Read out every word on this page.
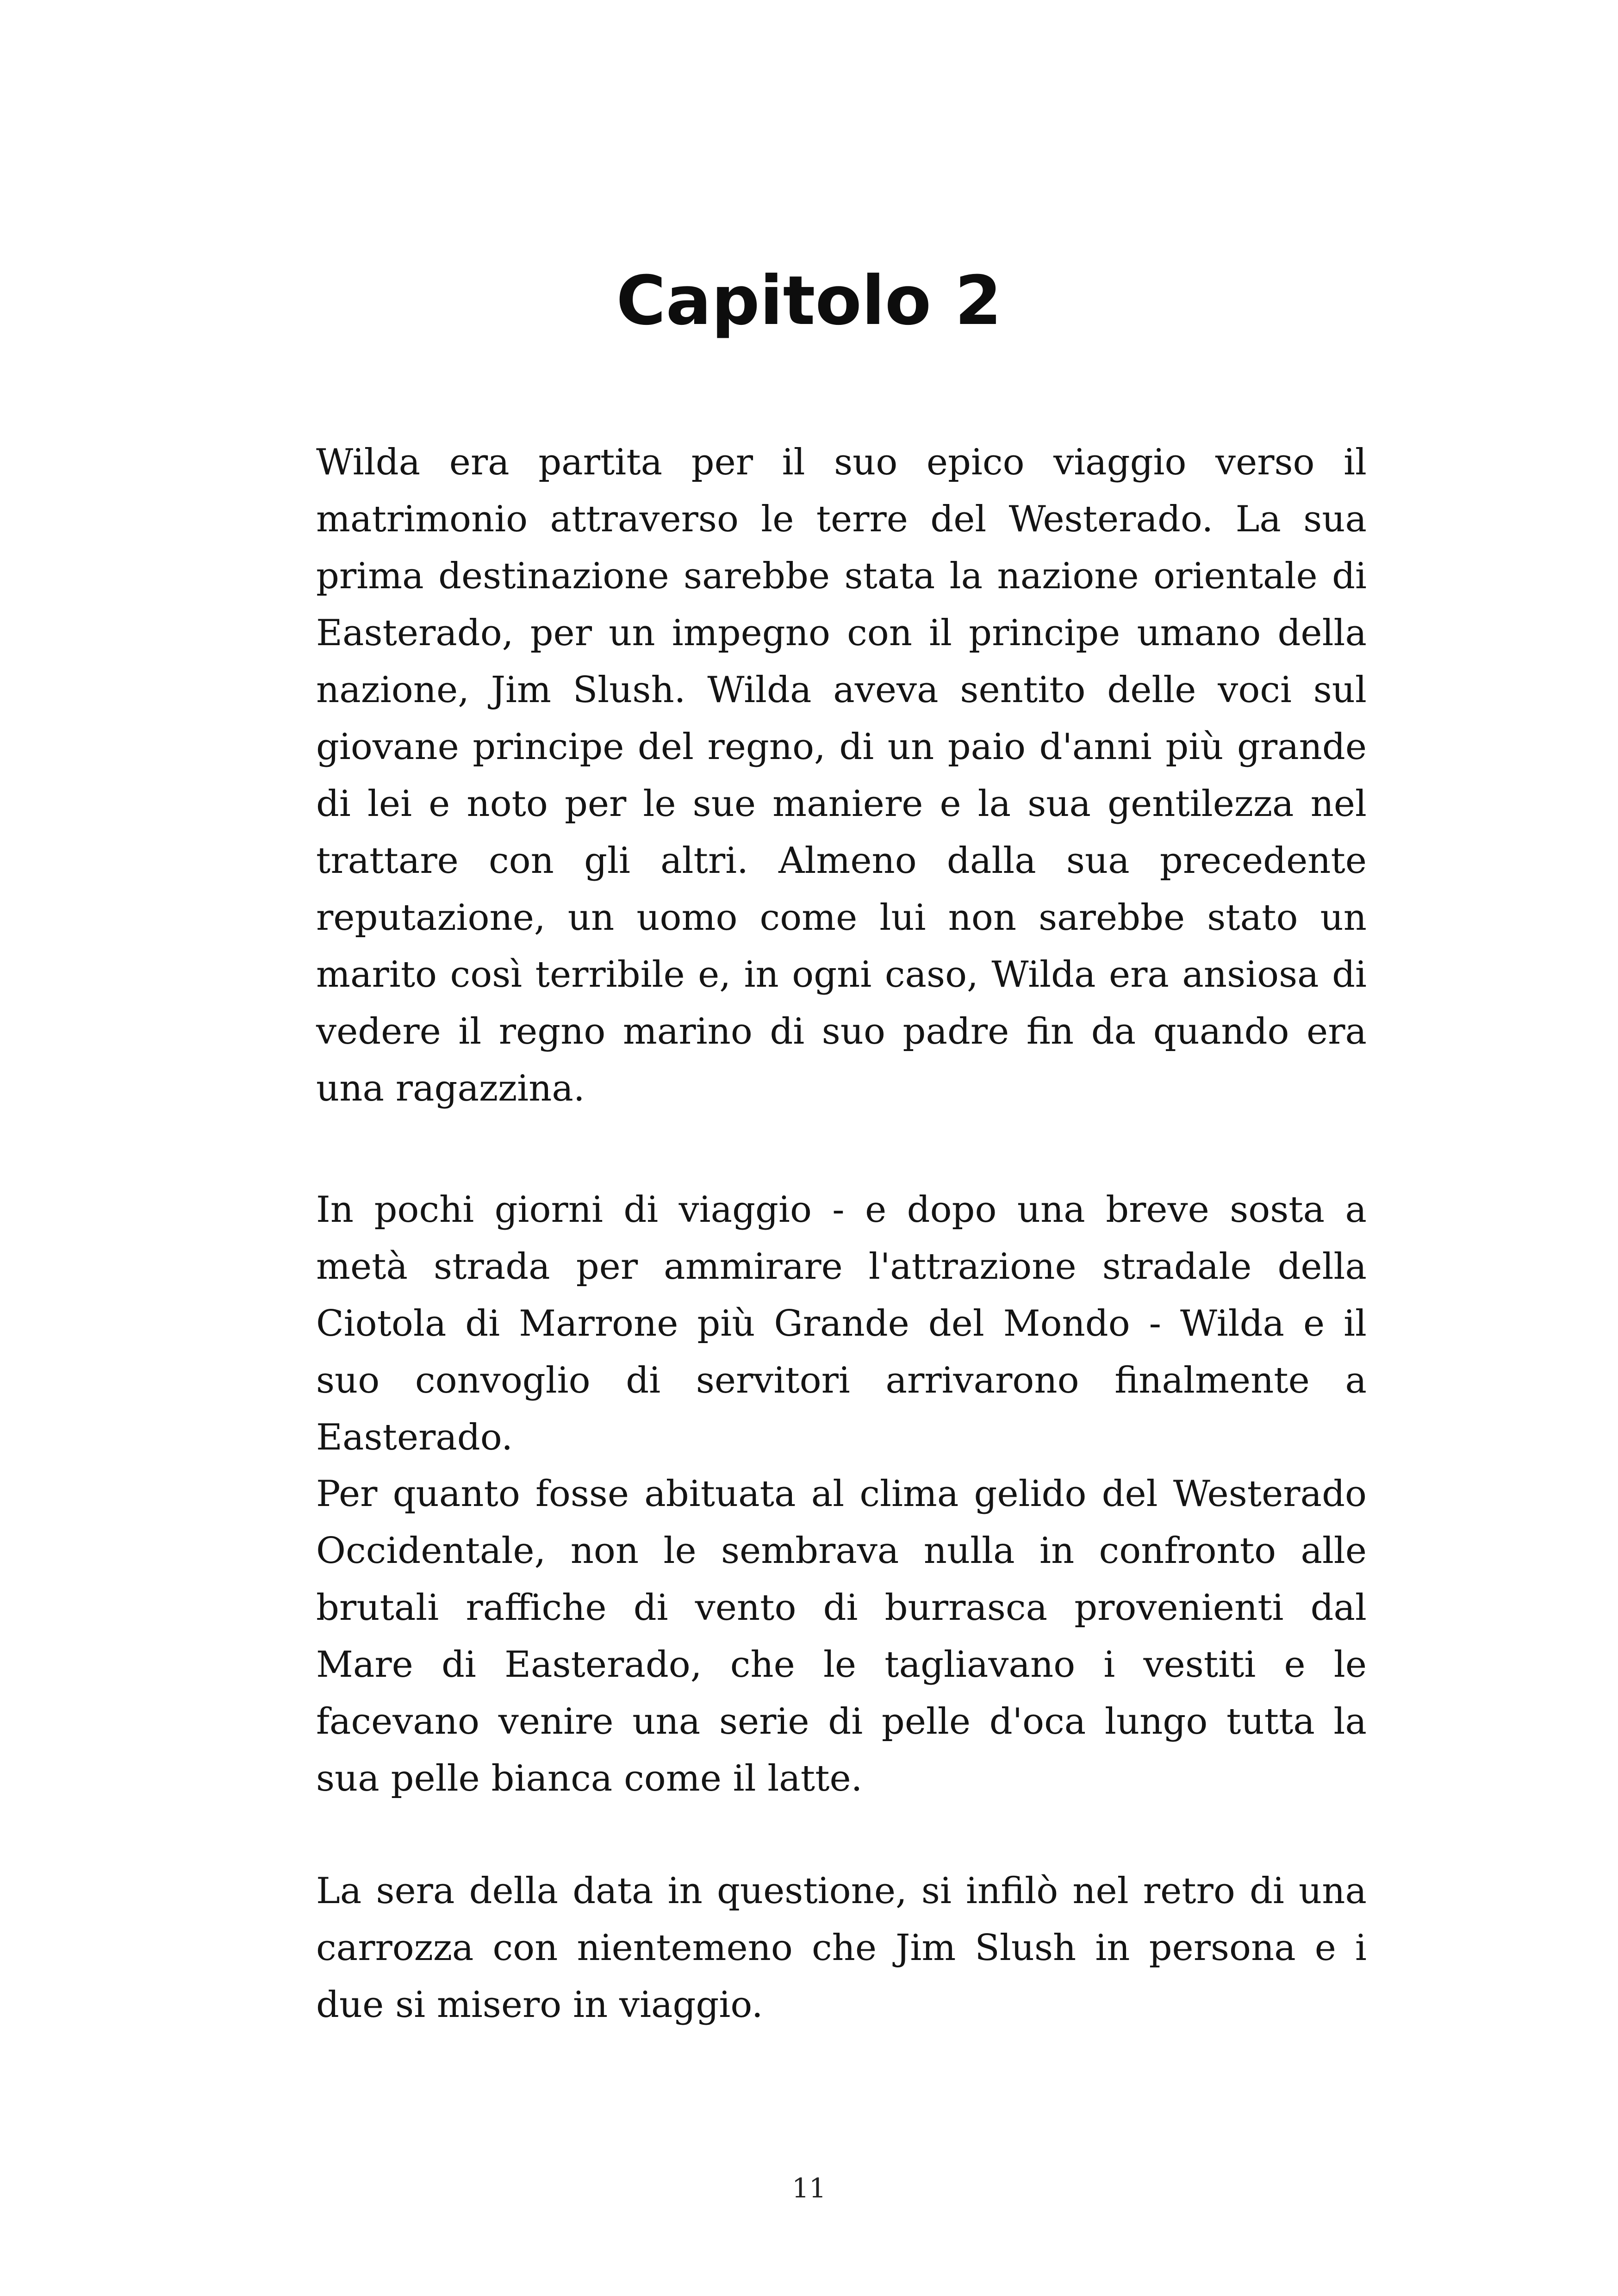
Capitolo 2

Wilda era partita per il suo epico viaggio verso il matrimonio attraverso le terre del Westerado. La sua prima destinazione sarebbe stata la nazione orientale di Easterado, per un impegno con il principe umano della nazione, Jim Slush. Wilda aveva sentito delle voci sul giovane principe del regno, di un paio d'anni più grande di lei e noto per le sue maniere e la sua gentilezza nel trattare con gli altri. Almeno dalla sua precedente reputazione, un uomo come lui non sarebbe stato un marito così terribile e, in ogni caso, Wilda era ansiosa di vedere il regno marino di suo padre fin da quando era una ragazzina.

In pochi giorni di viaggio - e dopo una breve sosta a metà strada per ammirare l'attrazione stradale della Ciotola di Marrone più Grande del Mondo - Wilda e il suo convoglio di servitori arrivarono finalmente a Easterado.

Per quanto fosse abituata al clima gelido del Westerado Occidentale, non le sembrava nulla in confronto alle brutali raffiche di vento di burrasca provenienti dal Mare di Easterado, che le tagliavano i vestiti e le facevano venire una serie di pelle d'oca lungo tutta la sua pelle bianca come il latte.

La sera della data in questione, si infilò nel retro di una carrozza con nientemeno che Jim Slush in persona e i due si misero in viaggio.

11
